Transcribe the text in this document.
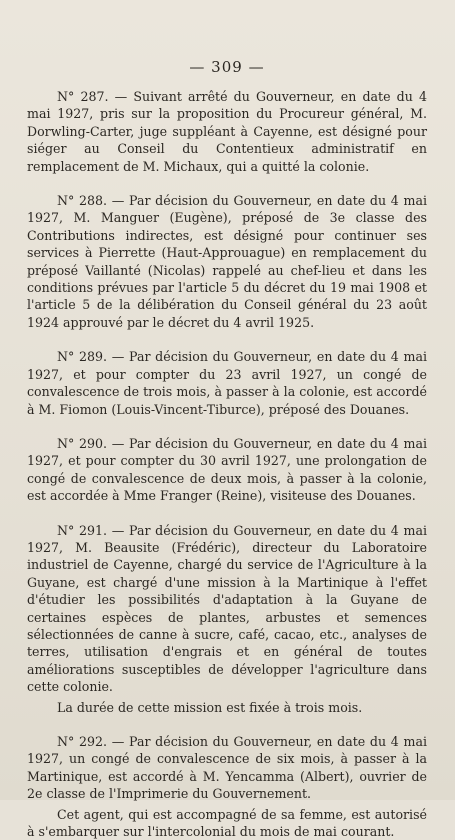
— 309 —

N° 287. — Suivant arrêté du Gouverneur, en date du 4 mai 1927, pris sur la proposition du Procureur général, M. Dorwling-Carter, juge suppléant à Cayenne, est désigné pour siéger au Conseil du Contentieux administratif en remplacement de M. Michaux, qui a quitté la colonie.

N° 288. — Par décision du Gouverneur, en date du 4 mai 1927, M. Manguer (Eugène), préposé de 3e classe des Contributions indirectes, est désigné pour continuer ses services à Pierrette (Haut-Approuague) en remplacement du préposé Vaillanté (Nicolas) rappelé au chef-lieu et dans les conditions prévues par l'article 5 du décret du 19 mai 1908 et l'article 5 de la délibération du Conseil général du 23 août 1924 approuvé par le décret du 4 avril 1925.

N° 289. — Par décision du Gouverneur, en date du 4 mai 1927, et pour compter du 23 avril 1927, un congé de convalescence de trois mois, à passer à la colonie, est accordé à M. Fiomon (Louis-Vincent-Tiburce), préposé des Douanes.

N° 290. — Par décision du Gouverneur, en date du 4 mai 1927, et pour compter du 30 avril 1927, une prolongation de congé de convalescence de deux mois, à passer à la colonie, est accordée à Mme Franger (Reine), visiteuse des Douanes.

N° 291. — Par décision du Gouverneur, en date du 4 mai 1927, M. Beausite (Frédéric), directeur du Laboratoire industriel de Cayenne, chargé du service de l'Agriculture à la Guyane, est chargé d'une mission à la Martinique à l'effet d'étudier les possibilités d'adaptation à la Guyane de certaines espèces de plantes, arbustes et semences sélectionnées de canne à sucre, café, cacao, etc., analyses de terres, utilisation d'engrais et en général de toutes améliorations susceptibles de développer l'agriculture dans cette colonie.

La durée de cette mission est fixée à trois mois.

N° 292. — Par décision du Gouverneur, en date du 4 mai 1927, un congé de convalescence de six mois, à passer à la Martinique, est accordé à M. Yencamma (Albert), ouvrier de 2e classe de l'Imprimerie du Gouvernement.

Cet agent, qui est accompagné de sa femme, est autorisé à s'embarquer sur l'intercolonial du mois de mai courant.
